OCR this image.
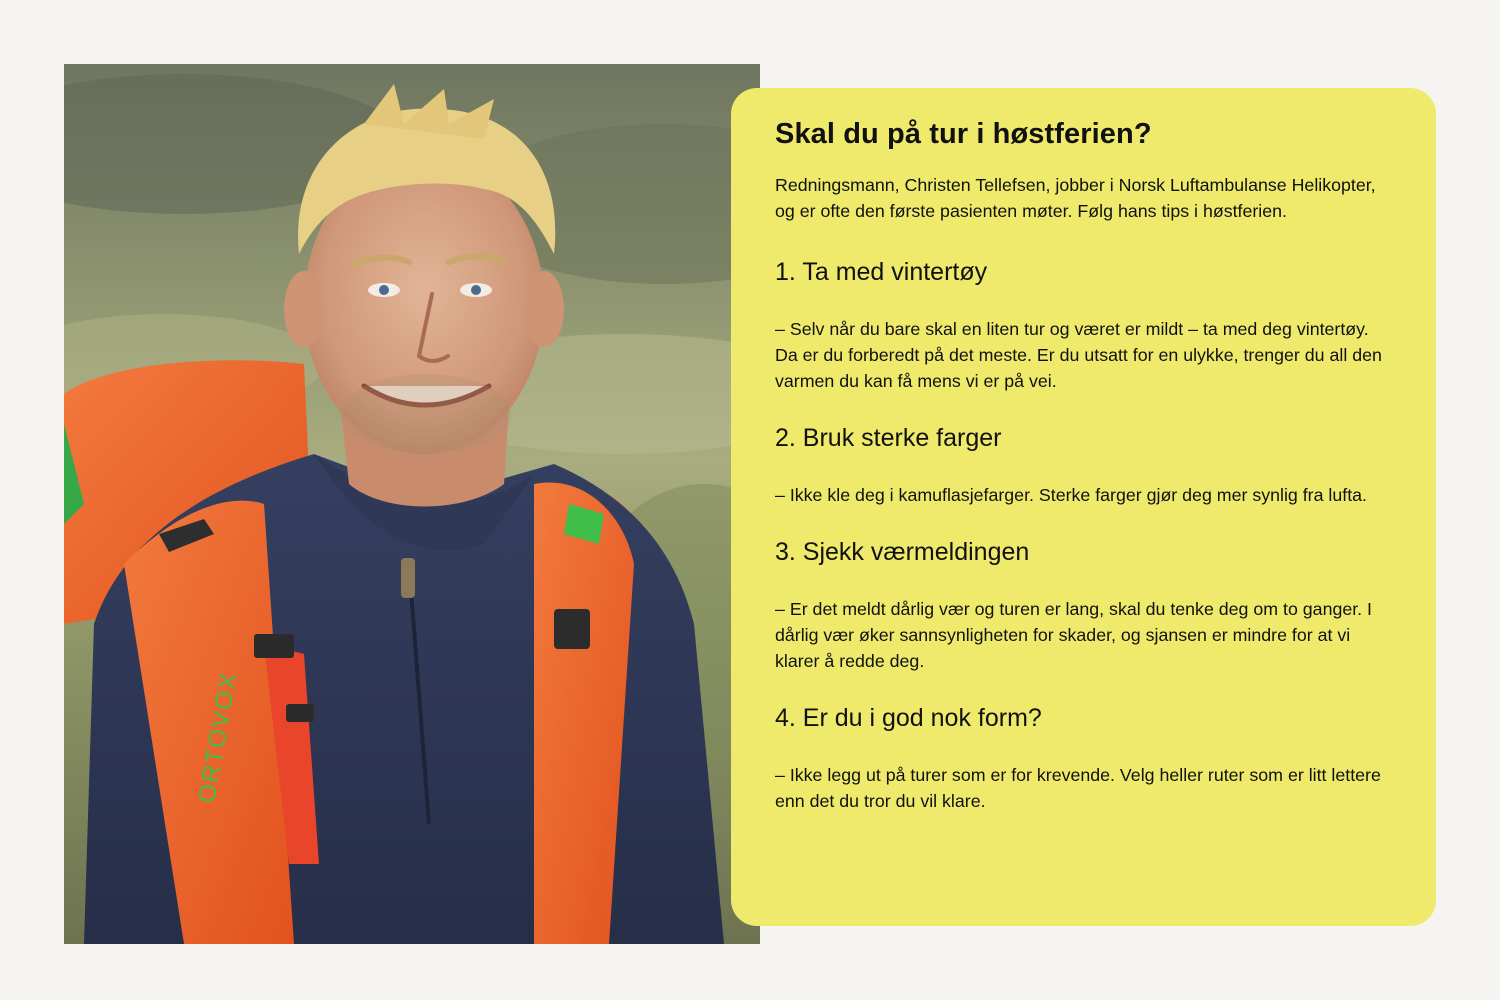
ORTOVOX
Skal du på tur i høstferien?

Redningsmann, Christen Tellefsen, jobber i Norsk Luftambulanse Helikopter, og er ofte den første pasienten møter. Følg hans tips i høstferien.

1. Ta med vintertøy

– Selv når du bare skal en liten tur og været er mildt – ta med deg vintertøy. Da er du forberedt på det meste. Er du utsatt for en ulykke, trenger du all den varmen du kan få mens vi er på vei.

2. Bruk sterke farger

– Ikke kle deg i kamuflasjefarger. Sterke farger gjør deg mer synlig fra lufta.

3. Sjekk værmeldingen

– Er det meldt dårlig vær og turen er lang, skal du tenke deg om to ganger. I dårlig vær øker sannsynligheten for skader, og sjansen er mindre for at vi klarer å redde deg.

4. Er du i god nok form?

– Ikke legg ut på turer som er for krevende. Velg heller ruter som er litt lettere enn det du tror du vil klare.
